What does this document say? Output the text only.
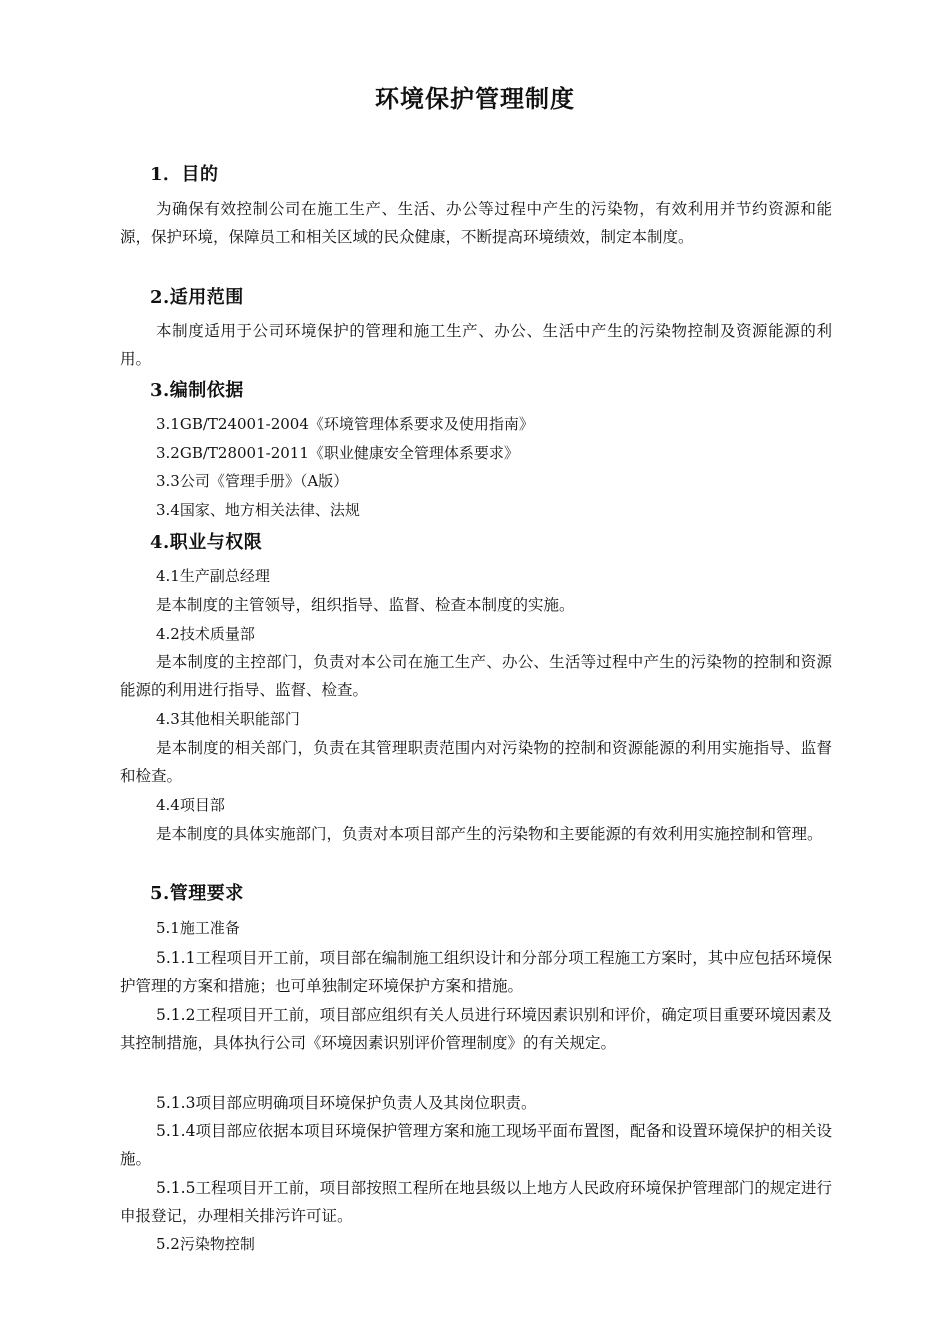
环境保护管理制度
1．目的
为确保有效控制公司在施工生产、生活、办公等过程中产生的污染物，有效利用并节约资源和能源，保护环境，保障员工和相关区域的民众健康，不断提高环境绩效，制定本制度。
2.适用范围
本制度适用于公司环境保护的管理和施工生产、办公、生活中产生的污染物控制及资源能源的利用。
3.编制依据
3.1GB/T24001-2004《环境管理体系要求及使用指南》
3.2GB/T28001-2011《职业健康安全管理体系要求》
3.3公司《管理手册》（A版）
3.4国家、地方相关法律、法规
4.职业与权限
4.1生产副总经理
是本制度的主管领导，组织指导、监督、检查本制度的实施。
4.2技术质量部
是本制度的主控部门，负责对本公司在施工生产、办公、生活等过程中产生的污染物的控制和资源能源的利用进行指导、监督、检查。
4.3其他相关职能部门
是本制度的相关部门，负责在其管理职责范围内对污染物的控制和资源能源的利用实施指导、监督和检查。
4.4项目部
是本制度的具体实施部门，负责对本项目部产生的污染物和主要能源的有效利用实施控制和管理。
5.管理要求
5.1施工准备
5.1.1工程项目开工前，项目部在编制施工组织设计和分部分项工程施工方案时，其中应包括环境保护管理的方案和措施；也可单独制定环境保护方案和措施。
5.1.2工程项目开工前，项目部应组织有关人员进行环境因素识别和评价，确定项目重要环境因素及其控制措施，具体执行公司《环境因素识别评价管理制度》的有关规定。
5.1.3项目部应明确项目环境保护负责人及其岗位职责。
5.1.4项目部应依据本项目环境保护管理方案和施工现场平面布置图，配备和设置环境保护的相关设施。
5.1.5工程项目开工前，项目部按照工程所在地县级以上地方人民政府环境保护管理部门的规定进行申报登记，办理相关排污许可证。
5.2污染物控制
